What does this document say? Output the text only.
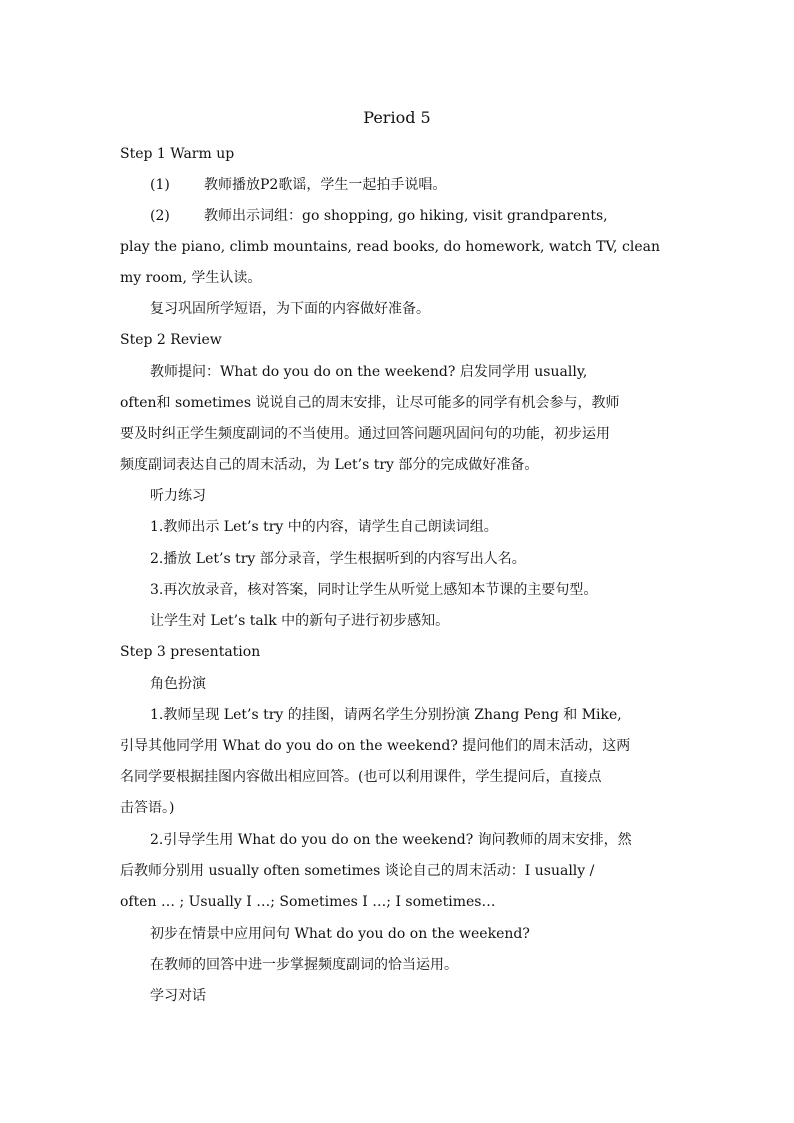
Period 5
Step 1 Warm up
(1) 教师播放P2歌谣，学生一起拍手说唱。
(2) 教师出示词组：go shopping, go hiking, visit grandparents,
play the piano, climb mountains, read books, do homework, watch TV, clean
my room, 学生认读。
复习巩固所学短语，为下面的内容做好准备。
Step 2 Review
教师提问：What do you do on the weekend? 启发同学用 usually,
often和 sometimes 说说自己的周末安排，让尽可能多的同学有机会参与，教师
要及时纠正学生频度副词的不当使用。通过回答问题巩固问句的功能，初步运用
频度副词表达自己的周末活动，为 Let’s try 部分的完成做好准备。
听力练习
1.教师出示 Let’s try 中的内容，请学生自己朗读词组。
2.播放 Let’s try 部分录音，学生根据听到的内容写出人名。
3.再次放录音，核对答案，同时让学生从听觉上感知本节课的主要句型。
让学生对 Let’s talk 中的新句子进行初步感知。
Step 3 presentation
角色扮演
1.教师呈现 Let’s try 的挂图，请两名学生分别扮演 Zhang Peng 和 Mike,
引导其他同学用 What do you do on the weekend? 提问他们的周末活动，这两
名同学要根据挂图内容做出相应回答。(也可以利用课件，学生提问后，直接点
击答语。)
2.引导学生用 What do you do on the weekend? 询问教师的周末安排，然
后教师分别用 usually often sometimes 谈论自己的周末活动：I usually /
often … ; Usually I …; Sometimes I …; I sometimes…
初步在情景中应用问句 What do you do on the weekend?
在教师的回答中进一步掌握频度副词的恰当运用。
学习对话
